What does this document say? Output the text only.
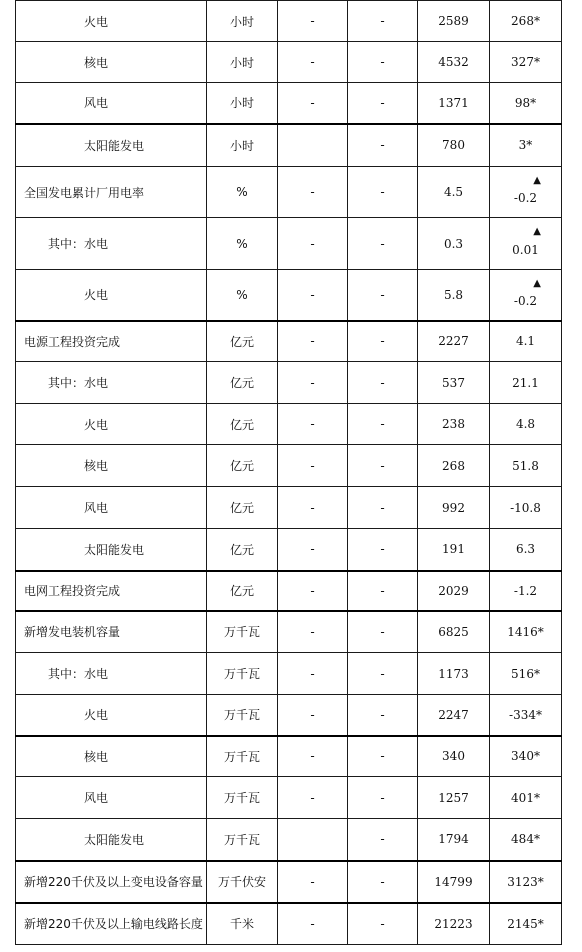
火电	小时	-	-	2589	268*
核电	小时	-	-	4532	327*
风电	小时	-	-	1371	98*
太阳能发电	小时		-	780	3*
全国发电累计厂用电率	%	-	-	4.5	-0.2
▲

其中：水电	%	-	-	0.3	0.01
▲

火电	%	-	-	5.8	-0.2
▲

电源工程投资完成	亿元	-	-	2227	4.1
其中：水电	亿元	-	-	537	21.1
火电	亿元	-	-	238	4.8
核电	亿元	-	-	268	51.8
风电	亿元	-	-	992	-10.8
太阳能发电	亿元	-	-	191	6.3
电网工程投资完成	亿元	-	-	2029	-1.2
新增发电装机容量	万千瓦	-	-	6825	1416*
其中：水电	万千瓦	-	-	1173	516*
火电	万千瓦	-	-	2247	-334*
核电	万千瓦	-	-	340	340*
风电	万千瓦	-	-	1257	401*
太阳能发电	万千瓦		-	1794	484*
新增220千伏及以上变电设备容量	万千伏安	-	-	14799	3123*
新增220千伏及以上输电线路长度	千米	-	-	21223	2145*
